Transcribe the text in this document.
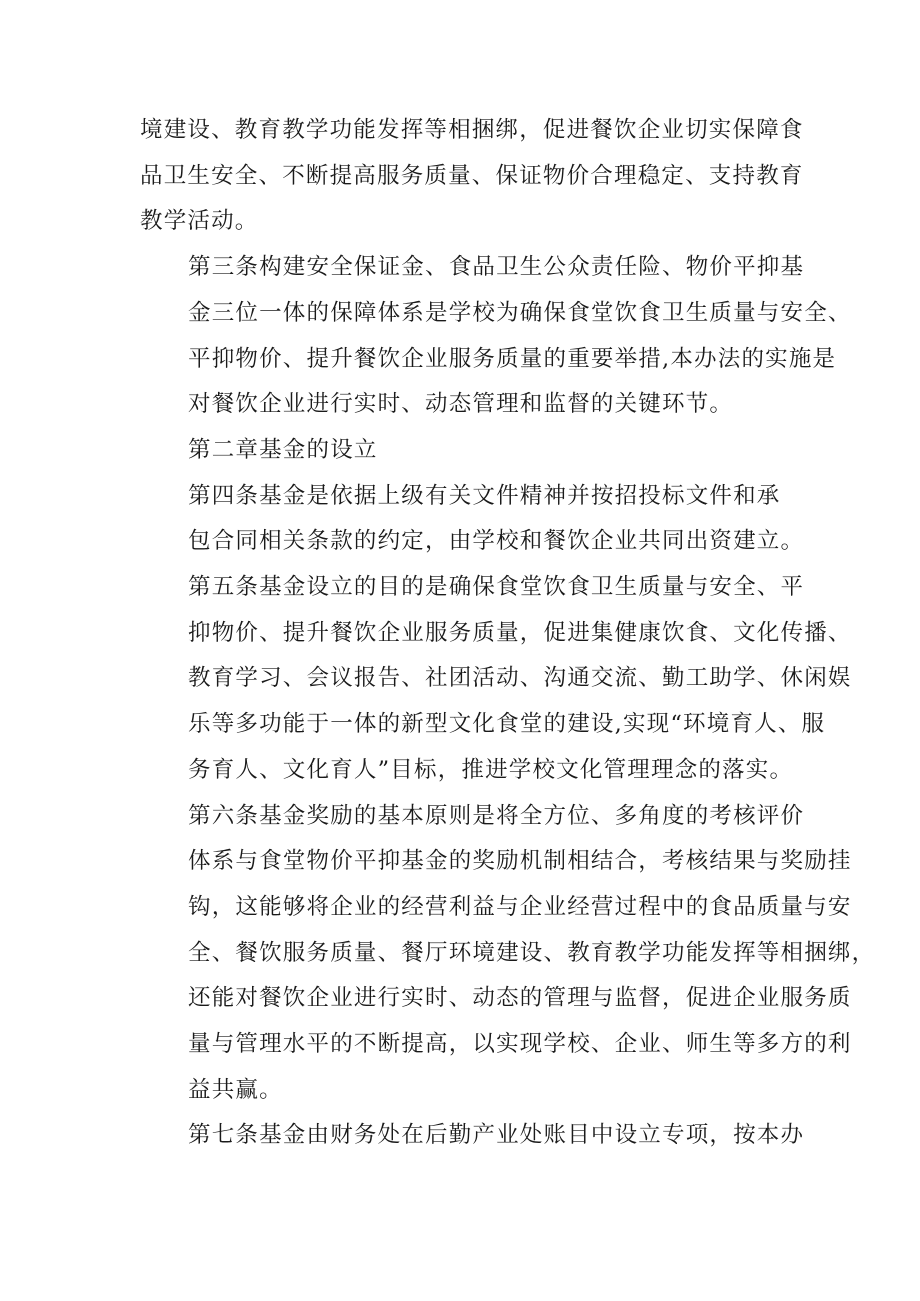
境建设、教育教学功能发挥等相捆绑，促进餐饮企业切实保障食
品卫生安全、不断提高服务质量、保证物价合理稳定、支持教育
教学活动。
第三条构建安全保证金、食品卫生公众责任险、物价平抑基
金三位一体的保障体系是学校为确保食堂饮食卫生质量与安全、
平抑物价、提升餐饮企业服务质量的重要举措,本办法的实施是
对餐饮企业进行实时、动态管理和监督的关键环节。
第二章基金的设立
第四条基金是依据上级有关文件精神并按招投标文件和承
包合同相关条款的约定，由学校和餐饮企业共同出资建立。
第五条基金设立的目的是确保食堂饮食卫生质量与安全、平
抑物价、提升餐饮企业服务质量，促进集健康饮食、文化传播、
教育学习、会议报告、社团活动、沟通交流、勤工助学、休闲娱
乐等多功能于一体的新型文化食堂的建设,实现“环境育人、服
务育人、文化育人”目标，推进学校文化管理理念的落实。
第六条基金奖励的基本原则是将全方位、多角度的考核评价
体系与食堂物价平抑基金的奖励机制相结合，考核结果与奖励挂
钩，这能够将企业的经营利益与企业经营过程中的食品质量与安
全、餐饮服务质量、餐厅环境建设、教育教学功能发挥等相捆绑，
还能对餐饮企业进行实时、动态的管理与监督，促进企业服务质
量与管理水平的不断提高，以实现学校、企业、师生等多方的利
益共赢。
第七条基金由财务处在后勤产业处账目中设立专项，按本办
